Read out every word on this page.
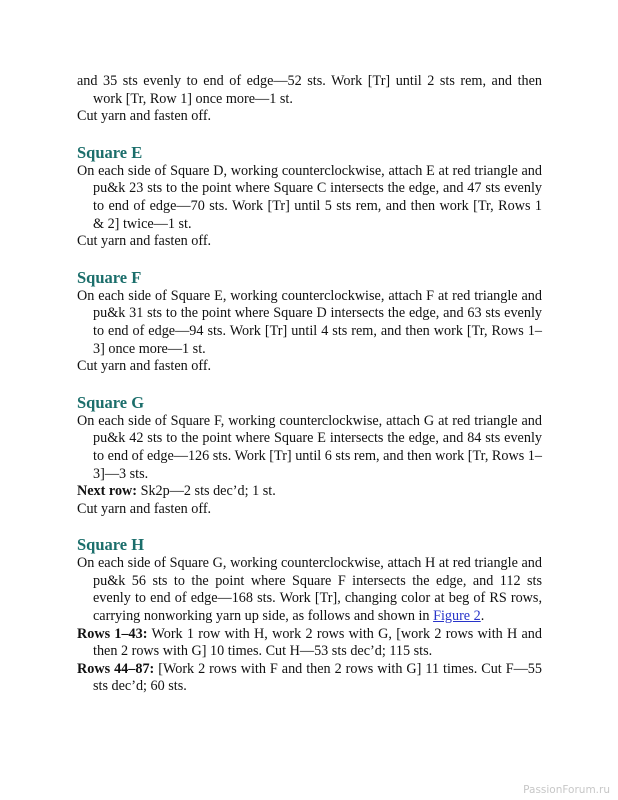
and 35 sts evenly to end of edge—52 sts. Work [Tr] until 2 sts rem, and then work [Tr, Row 1] once more—1 st.

Cut yarn and fasten off.

Square E

On each side of Square D, working counterclockwise, attach E at red triangle and pu&k 23 sts to the point where Square C intersects the edge, and 47 sts evenly to end of edge—70 sts. Work [Tr] until 5 sts rem, and then work [Tr, Rows 1 & 2] twice—1 st.

Cut yarn and fasten off.

Square F

On each side of Square E, working counterclockwise, attach F at red triangle and pu&k 31 sts to the point where Square D intersects the edge, and 63 sts evenly to end of edge—94 sts. Work [Tr] until 4 sts rem, and then work [Tr, Rows 1–3] once more—1 st.

Cut yarn and fasten off.

Square G

On each side of Square F, working counterclockwise, attach G at red triangle and pu&k 42 sts to the point where Square E intersects the edge, and 84 sts evenly to end of edge—126 sts. Work [Tr] until 6 sts rem, and then work [Tr, Rows 1–3]—3 sts.

Next row: Sk2p—2 sts dec’d; 1 st.

Cut yarn and fasten off.

Square H

On each side of Square G, working counterclockwise, attach H at red triangle and pu&k 56 sts to the point where Square F intersects the edge, and 112 sts evenly to end of edge—168 sts. Work [Tr], changing color at beg of RS rows, carrying nonworking yarn up side, as follows and shown in Figure 2.

Rows 1–43: Work 1 row with H, work 2 rows with G, [work 2 rows with H and then 2 rows with G] 10 times. Cut H—53 sts dec’d; 115 sts.

Rows 44–87: [Work 2 rows with F and then 2 rows with G] 11 times. Cut F—55 sts dec’d; 60 sts.

PassionForum.ru
